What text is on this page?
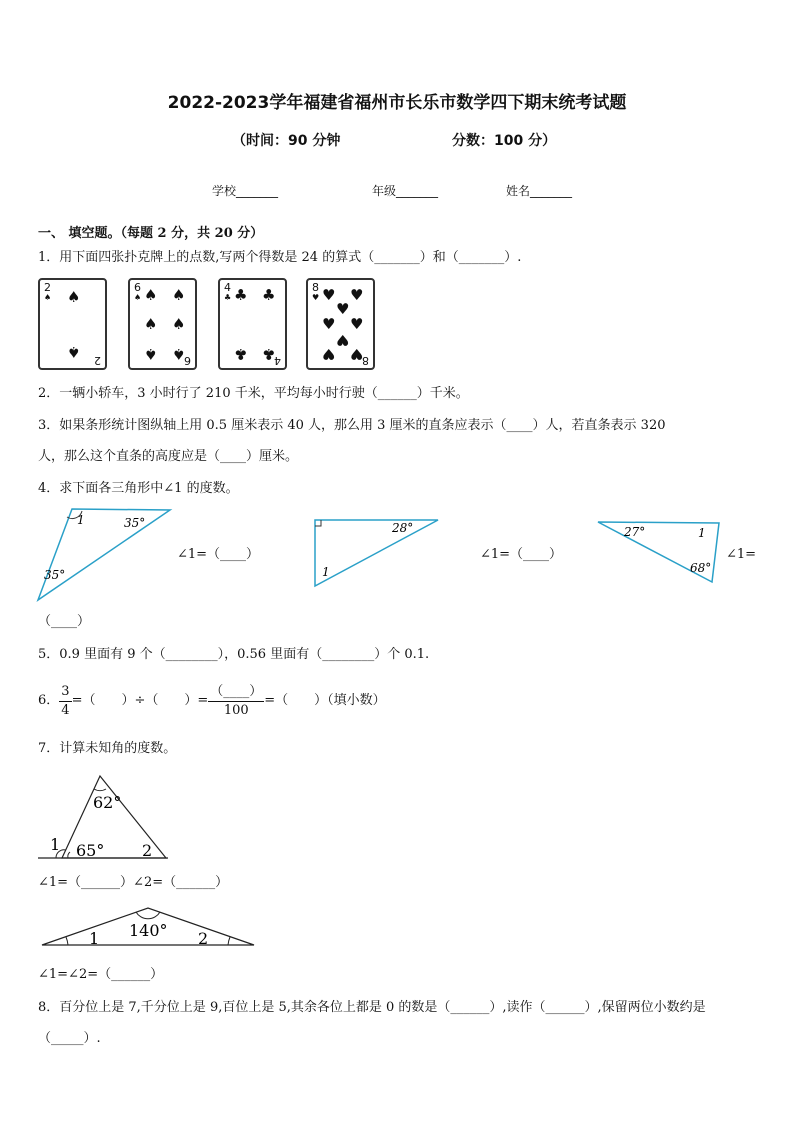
2022-2023学年福建省福州市长乐市数学四下期末统考试题
（时间：90 分钟	分数：100 分）
学校_______	年级_______	姓名_______
一、 填空题。（每题 2 分，共 20 分）
1．用下面四张扑克牌上的点数,写两个得数是 24 的算式（_______）和（_______）.
2
♠ ♠
♠ 2
6
♠ ♠ ♠
♠ ♠
♠ ♠
6
4
♣ ♣ ♣
♣ ♣
4
8
♥ ♥ ♥
♥
♥ ♥
♥
♥ ♥
8
2．一辆小轿车，3 小时行了 210 千米，平均每小时行驶（______）千米。
3．如果条形统计图纵轴上用 0.5 厘米表示 40 人，那么用 3 厘米的直条应表示（____）人，若直条表示 320
人，那么这个直条的高度应是（____）厘米。
4．求下面各三角形中∠1 的度数。
1	35°
35°
∠1=（____）
28°
1
∠1=（____）
27°	1
68°
∠1=
（____）
5．0.9 里面有 9 个（________），0.56 里面有（________）个 0.1.
6． $\frac{3}{4}$ =（　　）÷（　　）= $\frac{(\_\_\_\_)}{100}$ =（　　）（填小数）
7．计算未知角的度数。
62°
1 65° 2
∠1=（______）∠2=（______）
140°
1	2
∠1=∠2=（______）
8．百分位上是 7,千分位上是 9,百位上是 5,其余各位上都是 0 的数是（______）,读作（______）,保留两位小数约是
（_____）.
